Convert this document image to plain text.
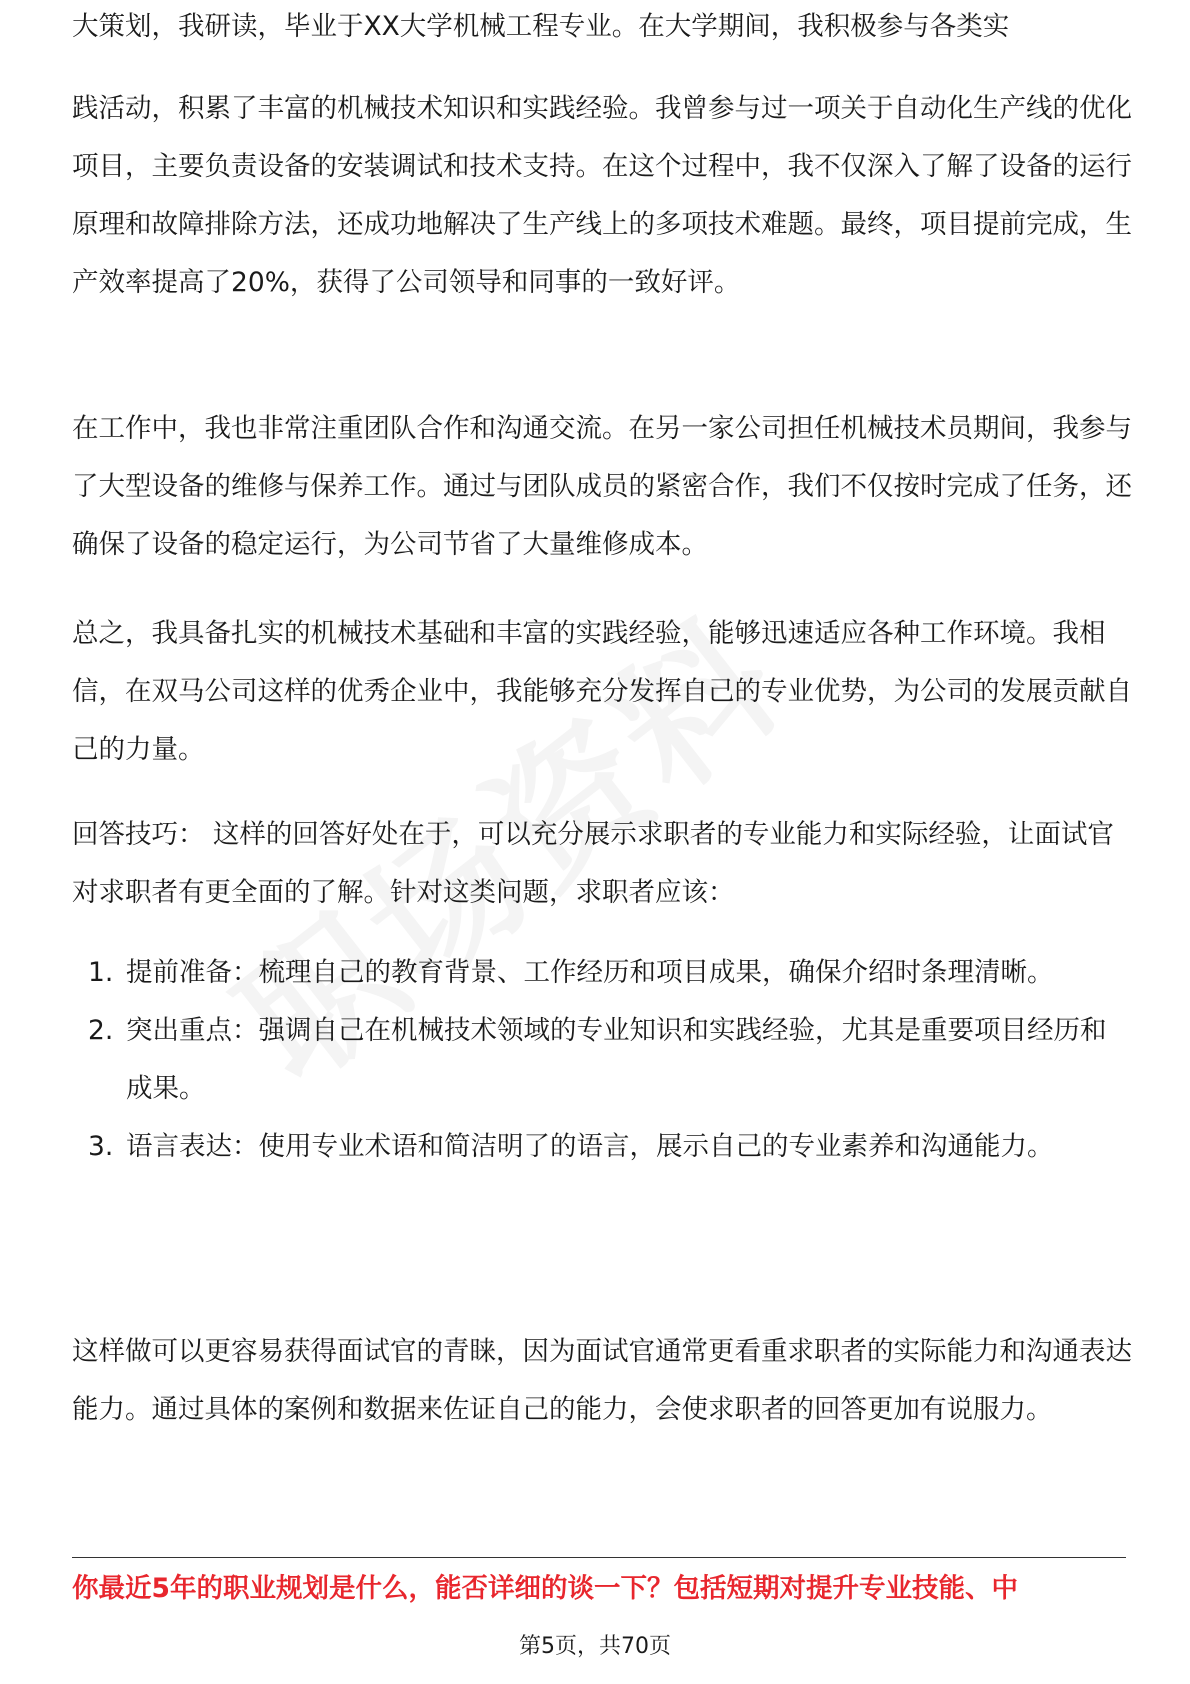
大策划，我研读，毕业于XX大学机械工程专业。在大学期间，我积极参与各类实

践活动，积累了丰富的机械技术知识和实践经验。我曾参与过一项关于自动化生产线的优化项目，主要负责设备的安装调试和技术支持。在这个过程中，我不仅深入了解了设备的运行原理和故障排除方法，还成功地解决了生产线上的多项技术难题。最终，项目提前完成，生产效率提高了20%，获得了公司领导和同事的一致好评。

在工作中，我也非常注重团队合作和沟通交流。在另一家公司担任机械技术员期间，我参与了大型设备的维修与保养工作。通过与团队成员的紧密合作，我们不仅按时完成了任务，还确保了设备的稳定运行，为公司节省了大量维修成本。

总之，我具备扎实的机械技术基础和丰富的实践经验，能够迅速适应各种工作环境。我相信，在双马公司这样的优秀企业中，我能够充分发挥自己的专业优势，为公司的发展贡献自己的力量。

回答技巧： 这样的回答好处在于，可以充分展示求职者的专业能力和实际经验，让面试官对求职者有更全面的了解。针对这类问题，求职者应该：

1. 提前准备：梳理自己的教育背景、工作经历和项目成果，确保介绍时条理清晰。
2. 突出重点：强调自己在机械技术领域的专业知识和实践经验，尤其是重要项目经历和成果。
3. 语言表达：使用专业术语和简洁明了的语言，展示自己的专业素养和沟通能力。

这样做可以更容易获得面试官的青睐，因为面试官通常更看重求职者的实际能力和沟通表达能力。通过具体的案例和数据来佐证自己的能力，会使求职者的回答更加有说服力。

你最近5年的职业规划是什么，能否详细的谈一下？包括短期对提升专业技能、中

第5页，共70页
